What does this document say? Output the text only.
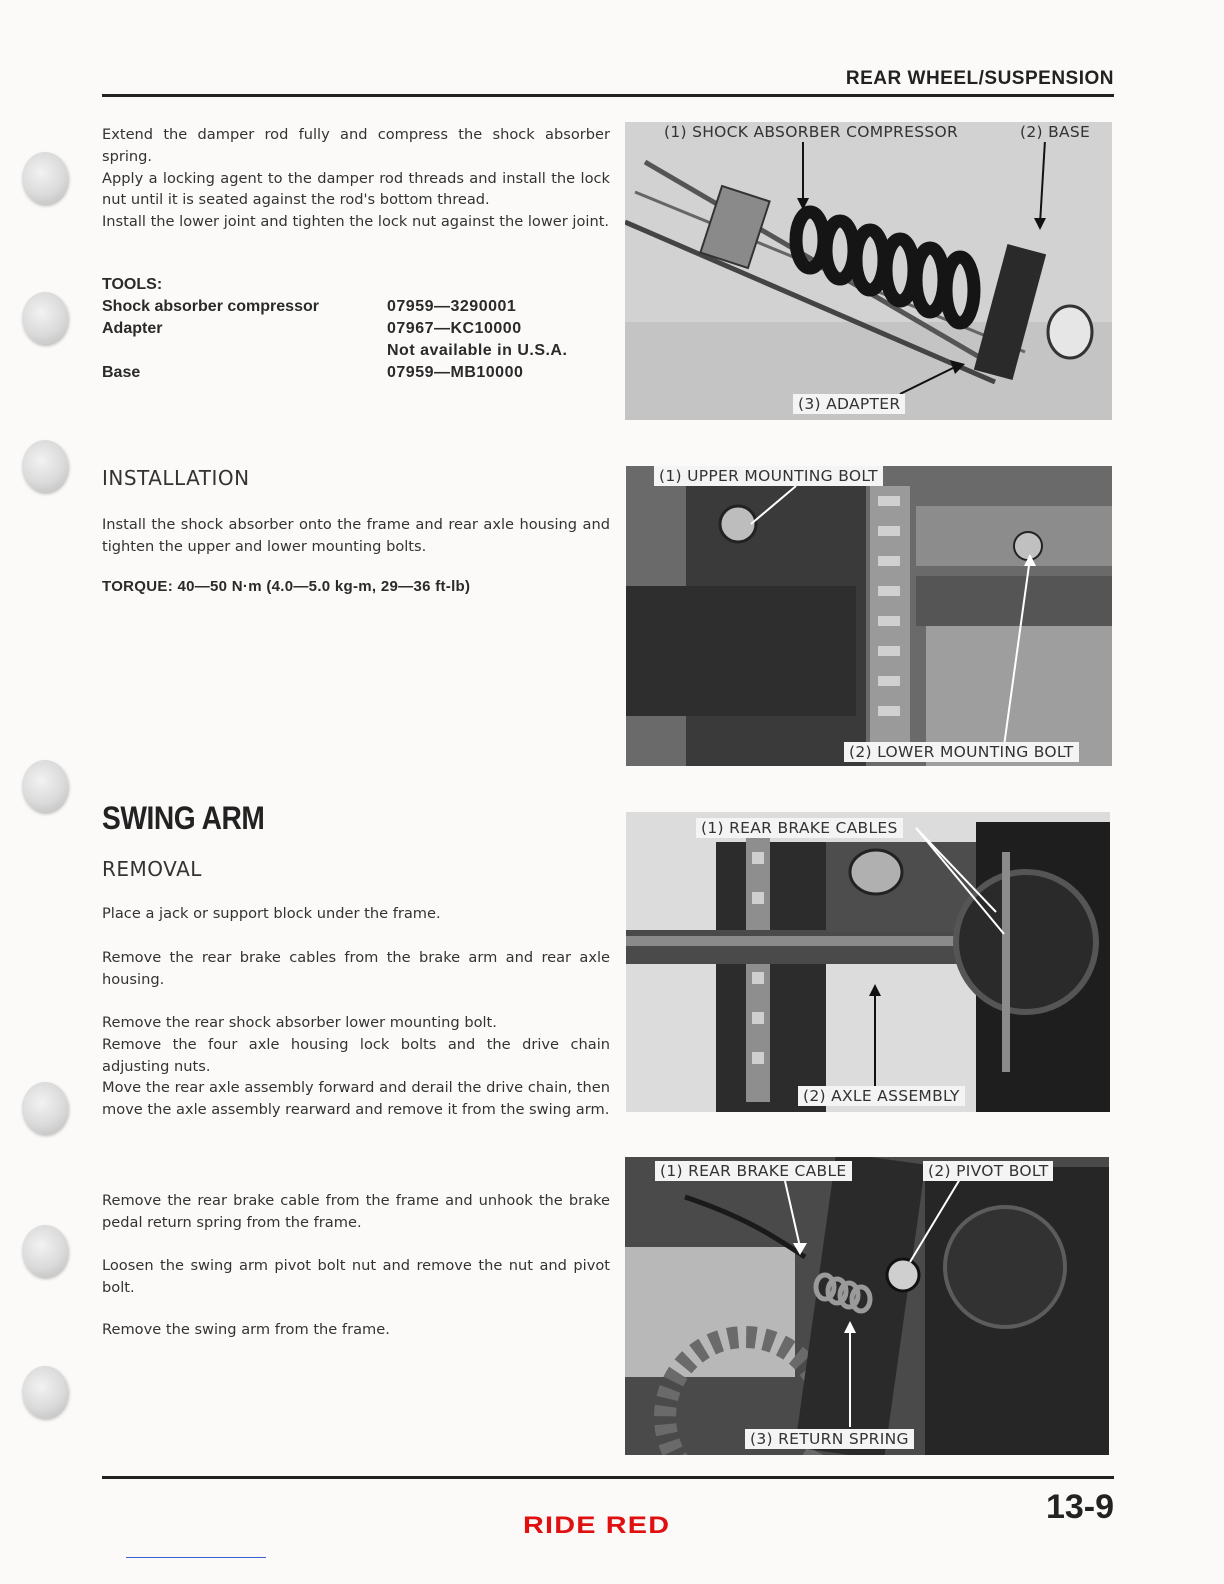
REAR WHEEL/SUSPENSION

Extend the damper rod fully and compress the shock absorber spring.

Apply a locking agent to the damper rod threads and install the lock nut until it is seated against the rod's bottom thread.

Install the lower joint and tighten the lock nut against the lower joint.

TOOLS:
Shock absorber compressor	07959—3290001
Adapter	07967—KC10000
Not available in U.S.A.
Base	07959—MB10000
INSTALLATION
Install the shock absorber onto the frame and rear axle housing and tighten the upper and lower mounting bolts.
TORQUE: 40—50 N·m (4.0—5.0 kg-m, 29—36 ft-lb)
SWING ARM
REMOVAL
Place a jack or support block under the frame.
Remove the rear brake cables from the brake arm and rear axle housing.

Remove the rear shock absorber lower mounting bolt.

Remove the four axle housing lock bolts and the drive chain adjusting nuts.

Move the rear axle assembly forward and derail the drive chain, then move the axle assembly rearward and remove it from the swing arm.

Remove the rear brake cable from the frame and unhook the brake pedal return spring from the frame.
Loosen the swing arm pivot bolt nut and remove the nut and pivot bolt.
Remove the swing arm from the frame.
(1) SHOCK ABSORBER COMPRESSOR	(2) BASE
(3) ADAPTER
(1) UPPER MOUNTING BOLT
(2) LOWER MOUNTING BOLT
(1) REAR BRAKE CABLES
(2) AXLE ASSEMBLY
(1) REAR BRAKE CABLE	(2) PIVOT BOLT
(3) RETURN SPRING
13-9
RIDE RED
